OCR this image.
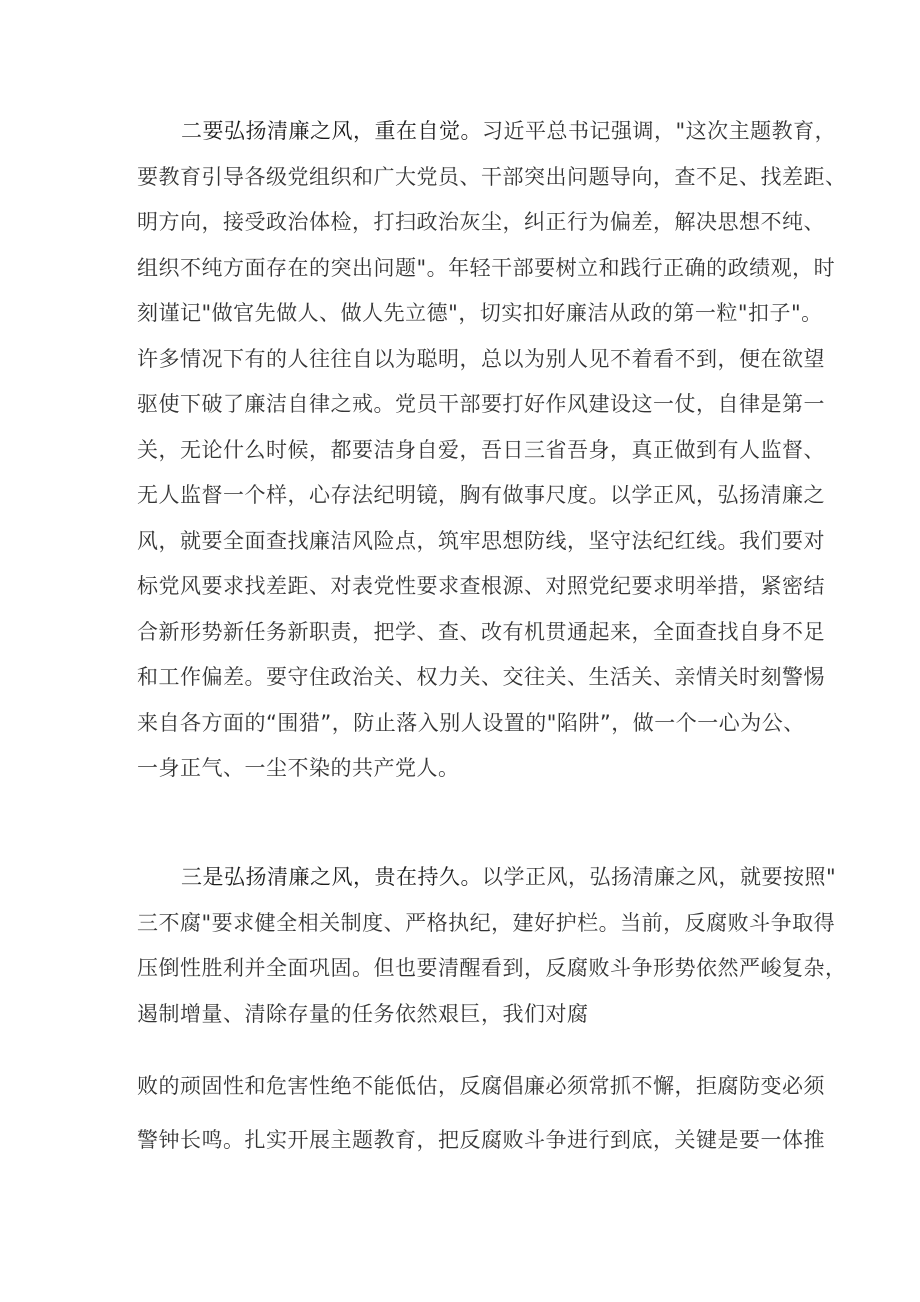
二要弘扬清廉之风，重在自觉。习近平总书记强调，"这次主题教育，
要教育引导各级党组织和广大党员、干部突出问题导向，查不足、找差距、
明方向，接受政治体检，打扫政治灰尘，纠正行为偏差，解决思想不纯、
组织不纯方面存在的突出问题"。年轻干部要树立和践行正确的政绩观，时
刻谨记"做官先做人、做人先立德"，切实扣好廉洁从政的第一粒"扣子"。
许多情况下有的人往往自以为聪明，总以为别人见不着看不到，便在欲望
驱使下破了廉洁自律之戒。党员干部要打好作风建设这一仗，自律是第一
关，无论什么时候，都要洁身自爱，吾日三省吾身，真正做到有人监督、
无人监督一个样，心存法纪明镜，胸有做事尺度。以学正风，弘扬清廉之
风，就要全面查找廉洁风险点，筑牢思想防线，坚守法纪红线。我们要对
标党风要求找差距、对表党性要求查根源、对照党纪要求明举措，紧密结
合新形势新任务新职责，把学、查、改有机贯通起来，全面查找自身不足
和工作偏差。要守住政治关、权力关、交往关、生活关、亲情关时刻警惕
来自各方面的“围猎”，防止落入别人设置的"陷阱”，做一个一心为公、
一身正气、一尘不染的共产党人。
三是弘扬清廉之风，贵在持久。以学正风，弘扬清廉之风，就要按照"
三不腐"要求健全相关制度、严格执纪，建好护栏。当前，反腐败斗争取得
压倒性胜利并全面巩固。但也要清醒看到，反腐败斗争形势依然严峻复杂，
遏制增量、清除存量的任务依然艰巨，我们对腐
败的顽固性和危害性绝不能低估，反腐倡廉必须常抓不懈，拒腐防变必须
警钟长鸣。扎实开展主题教育，把反腐败斗争进行到底，关键是要一体推
